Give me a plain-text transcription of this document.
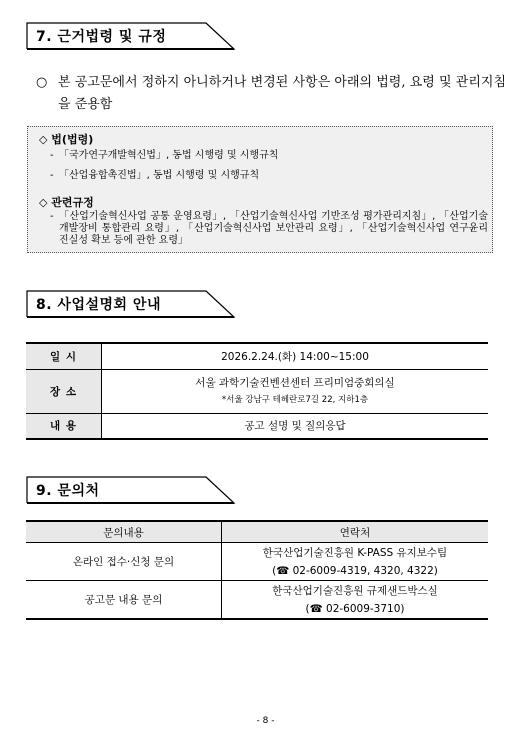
7. 근거법령 및 규정
○ 본 공고문에서 정하지 아니하거나 변경된 사항은 아래의 법령, 요령 및 관리지침을 준용함
◇ 법(법령)
- 「국가연구개발혁신법」, 동법 시행령 및 시행규칙
- 「산업융합촉진법」, 동법 시행령 및 시행규칙
◇ 관련규정
- 「산업기술혁신사업 공통 운영요령」, 「산업기술혁신사업 기반조성 평가관리지침」, 「산업기술개발장비 통합관리 요령」, 「산업기술혁신사업 보안관리 요령」, 「산업기술혁신사업 연구윤리 진실성 확보 등에 관한 요령」
8. 사업설명회 안내
일 시	2026.2.24.(화) 14:00~15:00
장 소	서울 과학기술컨벤션센터 프리미엄중회의실
*서울 강남구 테헤란로7길 22, 지하1층

내 용	공고 설명 및 질의응답
9. 문의처
문의내용	연락처
온라인 접수·신청 문의	한국산업기술진흥원 K-PASS 유지보수팀
(☎ 02-6009-4319, 4320, 4322)

공고문 내용 문의	한국산업기술진흥원 규제샌드박스실
(☎ 02-6009-3710)
- 8 -
